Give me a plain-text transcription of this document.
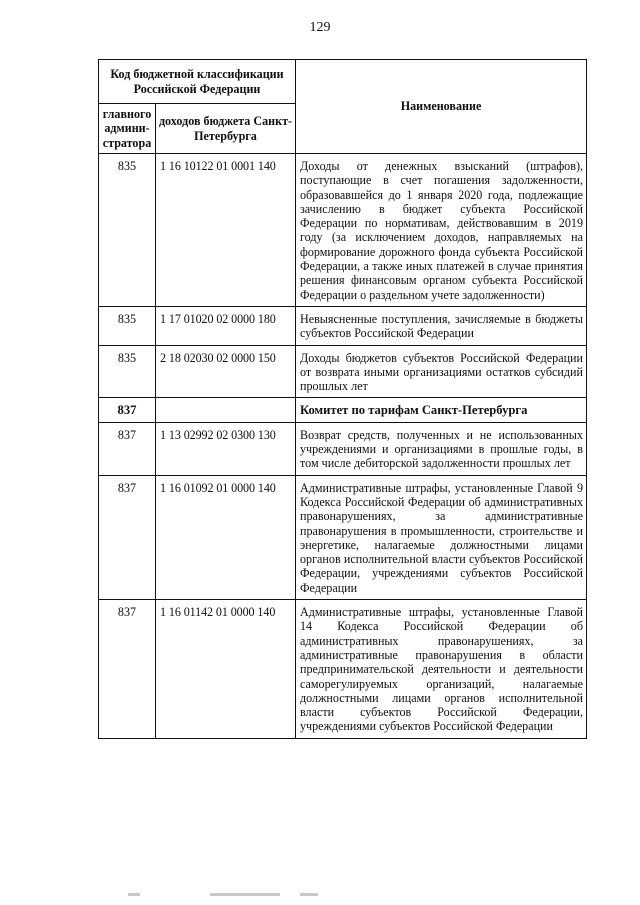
129
Код бюджетной классификации Российской Федерации		Наименование
главного админи-стратора	доходов бюджета Санкт-Петербурга	
835	1 16 10122 01 0001 140	Доходы от денежных взысканий (штрафов), поступающие в счет погашения задолженности, образовавшейся до 1 января 2020 года, подлежащие зачислению в бюджет субъекта Российской Федерации по нормативам, действовавшим в 2019 году (за исключением доходов, направляемых на формирование дорожного фонда субъекта Российской Федерации, а также иных платежей в случае принятия решения финансовым органом субъекта Российской Федерации о раздельном учете задолженности)
835	1 17 01020 02 0000 180	Невыясненные поступления, зачисляемые в бюджеты субъектов Российской Федерации
835	2 18 02030 02 0000 150	Доходы бюджетов субъектов Российской Федерации от возврата иными организациями остатков субсидий прошлых лет
837		Комитет по тарифам Санкт-Петербурга
837	1 13 02992 02 0300 130	Возврат средств, полученных и не использованных учреждениями и организациями в прошлые годы, в том числе дебиторской задолженности прошлых лет
837	1 16 01092 01 0000 140	Административные штрафы, установленные Главой 9 Кодекса Российской Федерации об административных правонарушениях, за административные правонарушения в промышленности, строительстве и энергетике, налагаемые должностными лицами органов исполнительной власти субъектов Российской Федерации, учреждениями субъектов Российской Федерации
837	1 16 01142 01 0000 140	Административные штрафы, установленные Главой 14 Кодекса Российской Федерации об административных правонарушениях, за административные правонарушения в области предпринимательской деятельности и деятельности саморегулируемых организаций, налагаемые должностными лицами органов исполнительной власти субъектов Российской Федерации, учреждениями субъектов Российской Федерации
